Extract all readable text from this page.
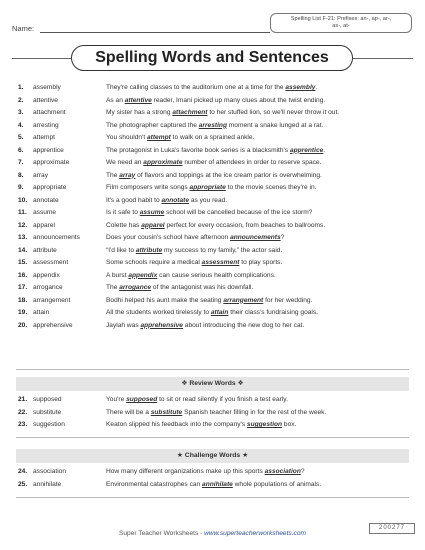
Name:
Spelling List F-21: Prefixes: an-, ap-, ar-,
as-, at-
Spelling Words and Sentences
1.	assembly	They're calling classes to the auditorium one at a time for the assembly.
2.	attentive	As an attentive reader, Imani picked up many clues about the twist ending.
3.	attachment	My sister has a strong attachment to her stuffed lion, so we'll never throw it out.
4.	arresting	The photographer captured the arresting moment a snake lunged at a rat.
5.	attempt	You shouldn't attempt to walk on a sprained ankle.
6.	apprentice	The protagonist in Luka's favorite book series is a blacksmith's apprentice.
7.	approximate	We need an approximate number of attendees in order to reserve space.
8.	array	The array of flavors and toppings at the ice cream parlor is overwhelming.
9.	appropriate	Film composers write songs appropriate to the movie scenes they're in.
10. annotate	It's a good habit to annotate as you read.
11. assume	Is it safe to assume school will be cancelled because of the ice storm?
12. apparel	Colette has apparel perfect for every occasion, from beaches to ballrooms.
13. announcements	Does your cousin's school have afternoon announcements?
14. attribute	“I'd like to attribute my success to my family,” the actor said.
15. assessment	Some schools require a medical assessment to play sports.
16. appendix	A burst appendix can cause serious health complications.
17. arrogance	The arrogance of the antagonist was his downfall.
18. arrangement	Bodhi helped his aunt make the seating arrangement for her wedding.
19. attain	All the students worked tirelessly to attain their class's fundraising goals.
20. apprehensive	Jaylah was apprehensive about introducing the new dog to her cat.
❖ Review Words ❖
21. supposed	You're supposed to sit or read silently if you finish a test early.
22. substitute	There will be a substitute Spanish teacher filling in for the rest of the week.
23. suggestion	Keaton slipped his feedback into the company's suggestion box.
★ Challenge Words ★
24. association	How many different organizations make up this sports association?
25. annihilate	Environmental catastrophes can annihilate whole populations of animals.
Super Teacher Worksheets - www.superteacherworksheets.com
200277
